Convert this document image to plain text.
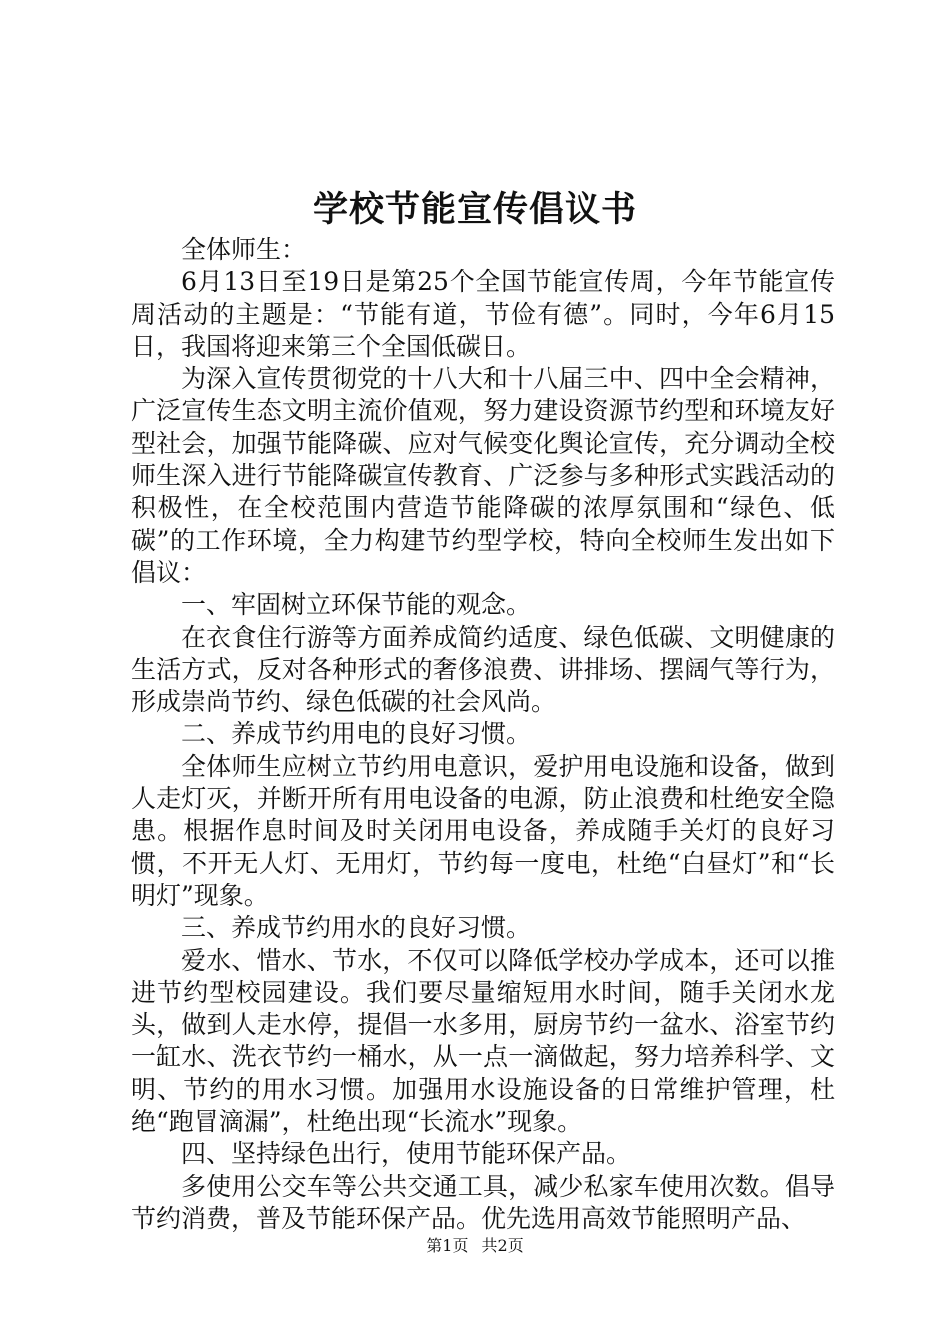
学校节能宣传倡议书

全体师生：

6月13日至19日是第25个全国节能宣传周，今年节能宣传周活动的主题是：“节能有道，节俭有德”。同时，今年6月15日，我国将迎来第三个全国低碳日。

为深入宣传贯彻党的十八大和十八届三中、四中全会精神，广泛宣传生态文明主流价值观，努力建设资源节约型和环境友好型社会，加强节能降碳、应对气候变化舆论宣传，充分调动全校师生深入进行节能降碳宣传教育、广泛参与多种形式实践活动的积极性，在全校范围内营造节能降碳的浓厚氛围和“绿色、低碳”的工作环境，全力构建节约型学校，特向全校师生发出如下倡议：

一、牢固树立环保节能的观念。

在衣食住行游等方面养成简约适度、绿色低碳、文明健康的生活方式，反对各种形式的奢侈浪费、讲排场、摆阔气等行为，形成崇尚节约、绿色低碳的社会风尚。

二、养成节约用电的良好习惯。

全体师生应树立节约用电意识，爱护用电设施和设备，做到人走灯灭，并断开所有用电设备的电源，防止浪费和杜绝安全隐患。根据作息时间及时关闭用电设备，养成随手关灯的良好习惯，不开无人灯、无用灯，节约每一度电，杜绝“白昼灯”和“长明灯”现象。

三、养成节约用水的良好习惯。

爱水、惜水、节水，不仅可以降低学校办学成本，还可以推进节约型校园建设。我们要尽量缩短用水时间，随手关闭水龙头，做到人走水停，提倡一水多用，厨房节约一盆水、浴室节约一缸水、洗衣节约一桶水，从一点一滴做起，努力培养科学、文明、节约的用水习惯。加强用水设施设备的日常维护管理，杜绝“跑冒滴漏”，杜绝出现“长流水”现象。

四、坚持绿色出行，使用节能环保产品。

多使用公交车等公共交通工具，减少私家车使用次数。倡导节约消费，普及节能环保产品。优先选用高效节能照明产品、

第1页 共2页
